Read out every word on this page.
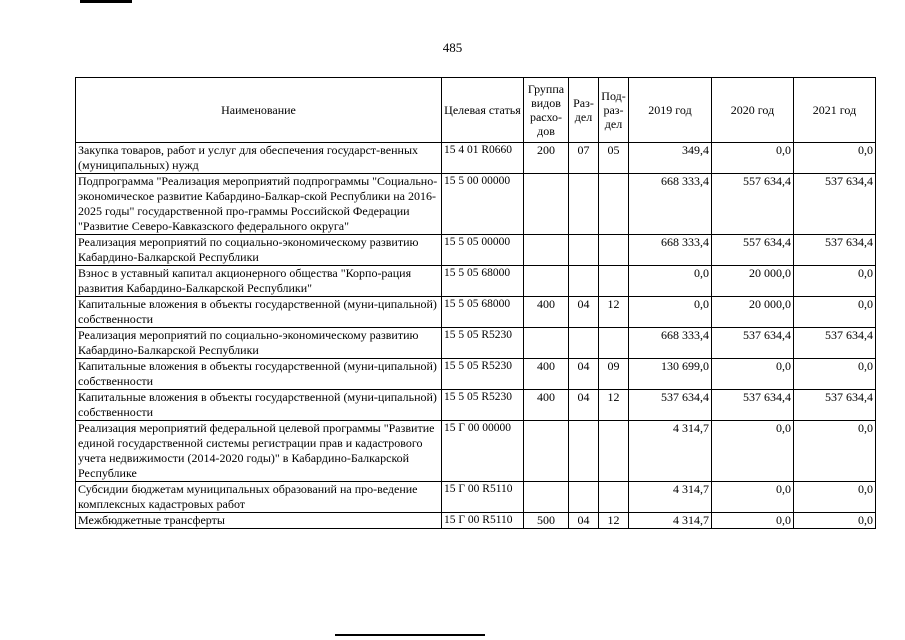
485
Наименование	Целевая статья	Группа видов расхо-дов	Раз-дел	Под-раз-дел	2019 год	2020 год	2021 год
Закупка товаров, работ и услуг для обеспечения государст-венных (муниципальных) нужд	15 4 01 R0660	200	07	05	349,4	0,0	0,0
Подпрограмма "Реализация мероприятий подпрограммы "Социально-экономическое развитие Кабардино-Балкар-ской Республики на 2016-2025 годы" государственной про-граммы Российской Федерации "Развитие Северо-Кавказского федерального округа"	15 5 00 00000				668 333,4	557 634,4	537 634,4
Реализация мероприятий по социально-экономическому развитию Кабардино-Балкарской Республики	15 5 05 00000				668 333,4	557 634,4	537 634,4
Взнос в уставный капитал акционерного общества "Корпо-рация развития Кабардино-Балкарской Республики"	15 5 05 68000				0,0	20 000,0	0,0
Капитальные вложения в объекты государственной (муни-ципальной) собственности	15 5 05 68000	400	04	12	0,0	20 000,0	0,0
Реализация мероприятий по социально-экономическому развитию Кабардино-Балкарской Республики	15 5 05 R5230				668 333,4	537 634,4	537 634,4
Капитальные вложения в объекты государственной (муни-ципальной) собственности	15 5 05 R5230	400	04	09	130 699,0	0,0	0,0
Капитальные вложения в объекты государственной (муни-ципальной) собственности	15 5 05 R5230	400	04	12	537 634,4	537 634,4	537 634,4
Реализация мероприятий федеральной целевой программы "Развитие единой государственной системы регистрации прав и кадастрового учета недвижимости (2014-2020 годы)" в Кабардино-Балкарской Республике	15 Г 00 00000				4 314,7	0,0	0,0
Субсидии бюджетам муниципальных образований на про-ведение комплексных кадастровых работ	15 Г 00 R5110				4 314,7	0,0	0,0
Межбюджетные трансферты	15 Г 00 R5110	500	04	12	4 314,7	0,0	0,0
